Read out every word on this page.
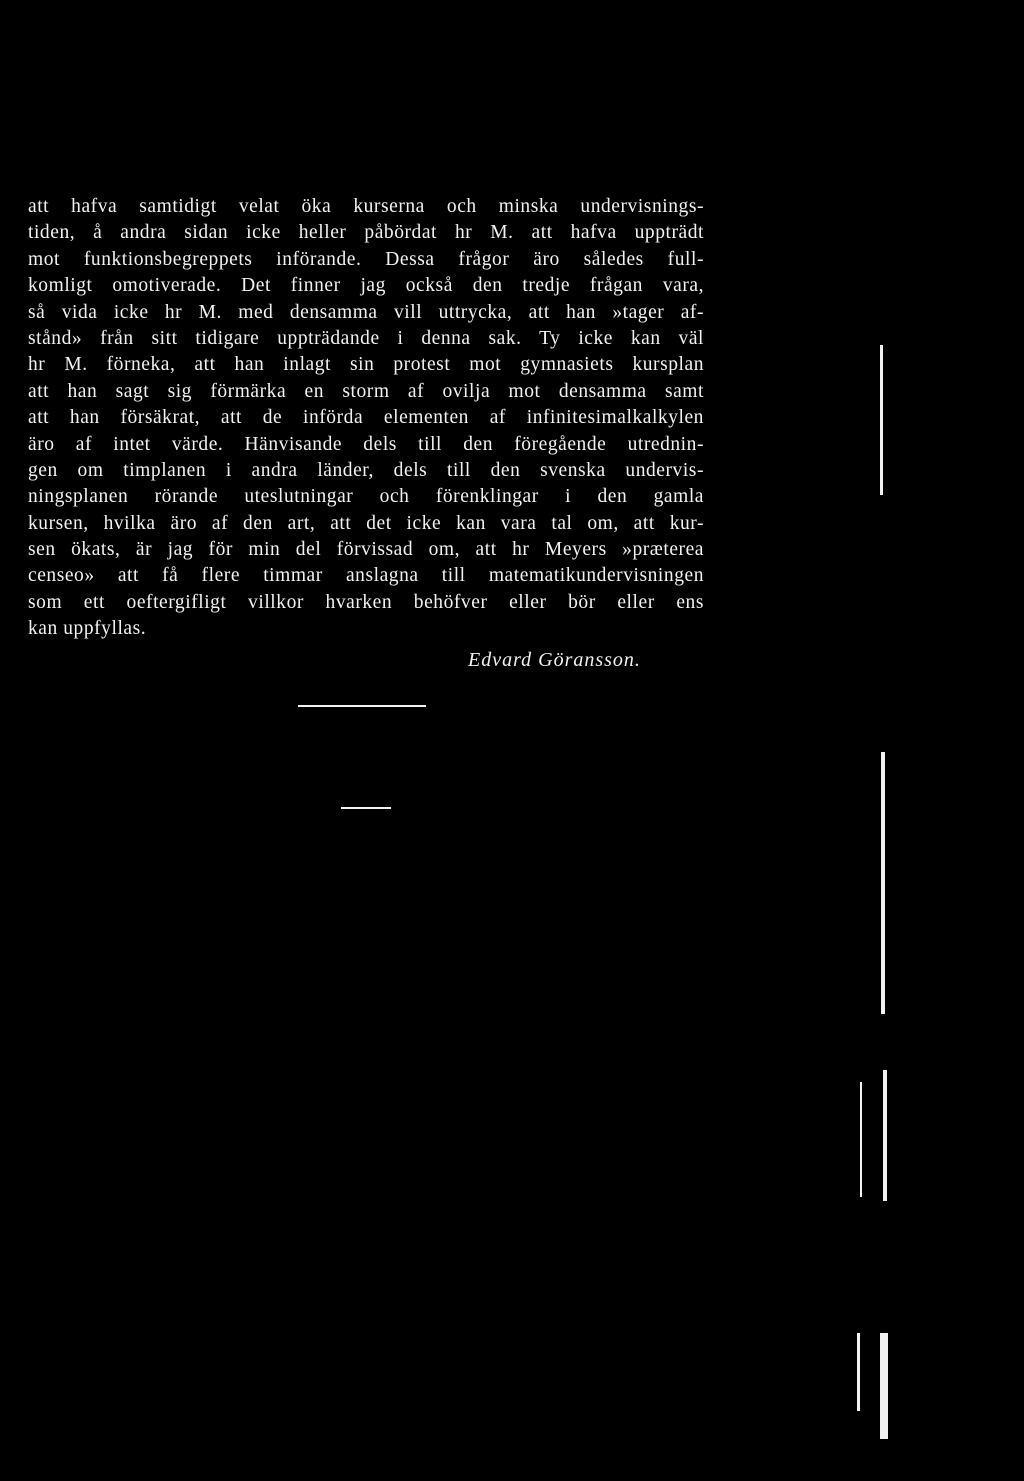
att hafva samtidigt velat öka kurserna och minska undervisnings-
tiden, å andra sidan icke heller påbördat hr M. att hafva uppträdt
mot funktionsbegreppets införande. Dessa frågor äro således full-
komligt omotiverade. Det finner jag också den tredje frågan vara,
så vida icke hr M. med densamma vill uttrycka, att han »tager af-
stånd» från sitt tidigare uppträdande i denna sak. Ty icke kan väl
hr M. förneka, att han inlagt sin protest mot gymnasiets kursplan
att han sagt sig förmärka en storm af ovilja mot densamma samt
att han försäkrat, att de införda elementen af infinitesimalkalkylen
äro af intet värde. Hänvisande dels till den föregående utrednin-
gen om timplanen i andra länder, dels till den svenska undervis-
ningsplanen rörande uteslutningar och förenklingar i den gamla
kursen, hvilka äro af den art, att det icke kan vara tal om, att kur-
sen ökats, är jag för min del förvissad om, att hr Meyers »præterea
censeo» att få flere timmar anslagna till matematikundervisningen
som ett oeftergifligt villkor hvarken behöfver eller bör eller ens
kan uppfyllas.
Edvard Göransson.
